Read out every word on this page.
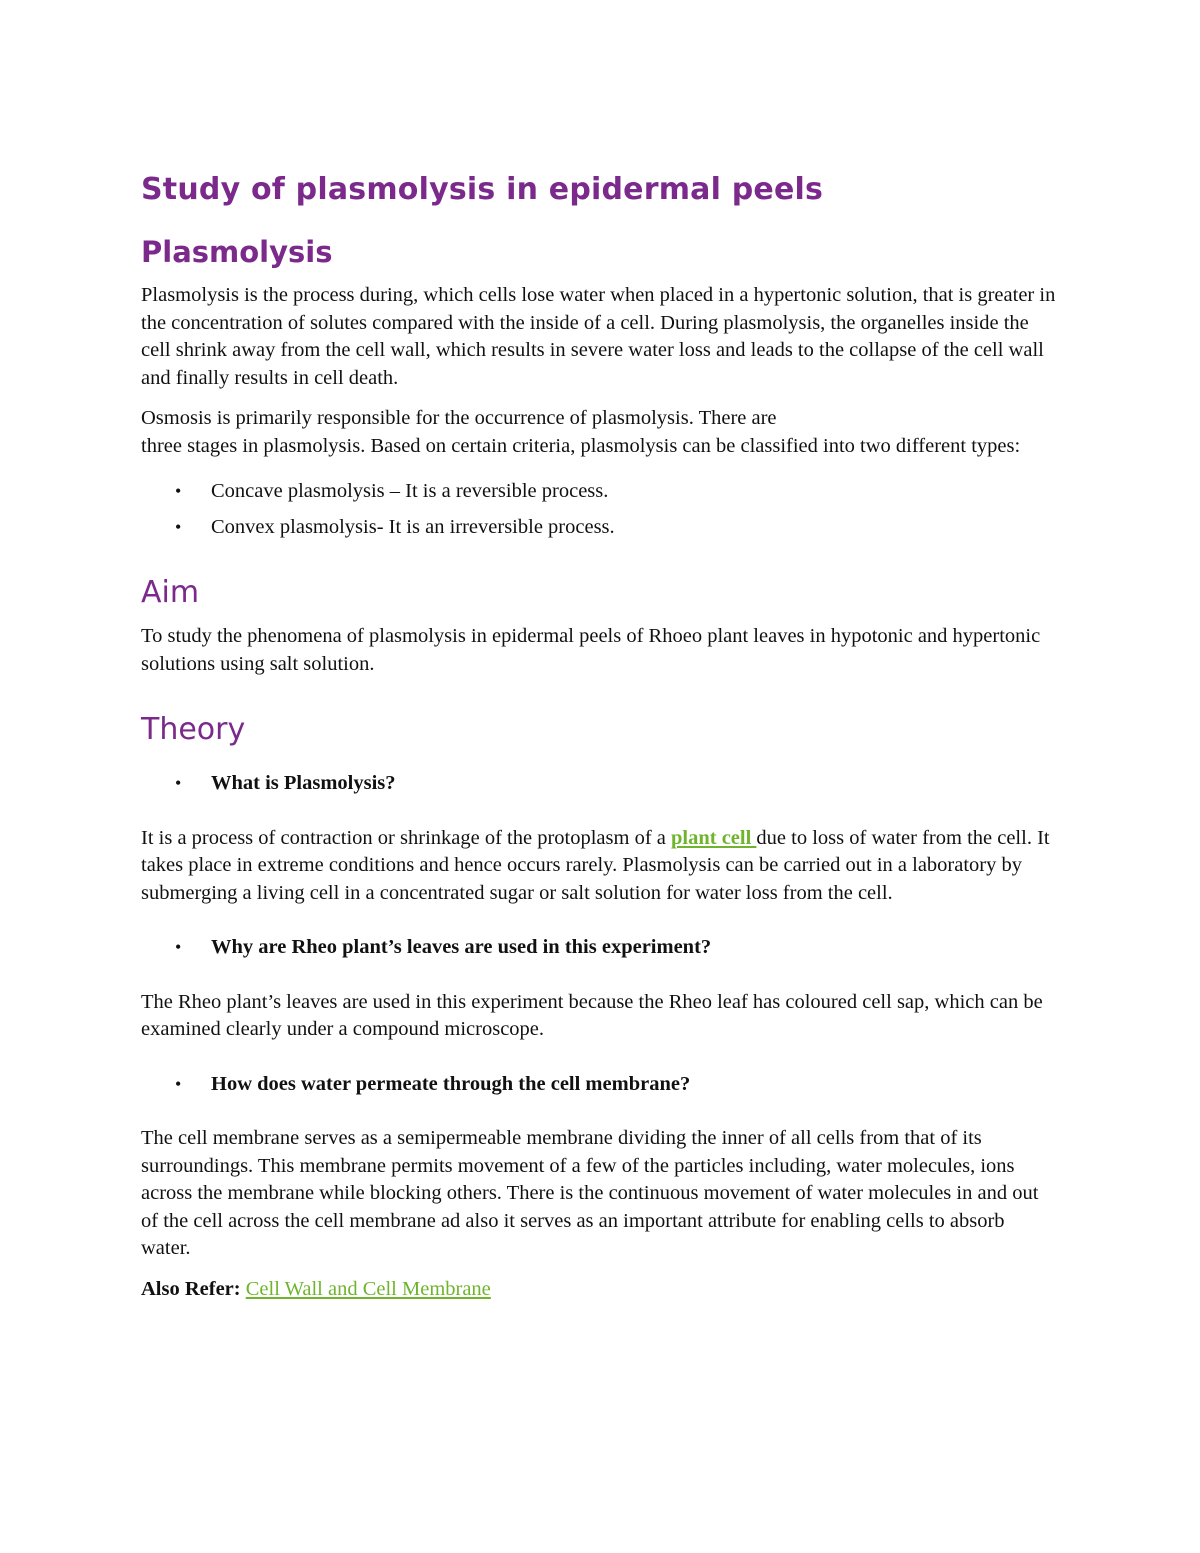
Study of plasmolysis in epidermal peels
Plasmolysis

Plasmolysis is the process during, which cells lose water when placed in a hypertonic solution, that is greater in the concentration of solutes compared with the inside of a cell. During plasmolysis, the organelles inside the cell shrink away from the cell wall, which results in severe water loss and leads to the collapse of the cell wall and finally results in cell death.

Osmosis is primarily responsible for the occurrence of plasmolysis. There are
three stages in plasmolysis. Based on certain criteria, plasmolysis can be classified into two different types:

• Concave plasmolysis – It is a reversible process.
• Convex plasmolysis- It is an irreversible process.
Aim

To study the phenomena of plasmolysis in epidermal peels of Rhoeo plant leaves in hypotonic and hypertonic solutions using salt solution.

Theory
• What is Plasmolysis?

It is a process of contraction or shrinkage of the protoplasm of a plant cell due to loss of water from the cell. It takes place in extreme conditions and hence occurs rarely. Plasmolysis can be carried out in a laboratory by submerging a living cell in a concentrated sugar or salt solution for water loss from the cell.

• Why are Rheo plant’s leaves are used in this experiment?

The Rheo plant’s leaves are used in this experiment because the Rheo leaf has coloured cell sap, which can be examined clearly under a compound microscope.

• How does water permeate through the cell membrane?

The cell membrane serves as a semipermeable membrane dividing the inner of all cells from that of its surroundings. This membrane permits movement of a few of the particles including, water molecules, ions across the membrane while blocking others. There is the continuous movement of water molecules in and out of the cell across the cell membrane ad also it serves as an important attribute for enabling cells to absorb water.

Also Refer: Cell Wall and Cell Membrane
